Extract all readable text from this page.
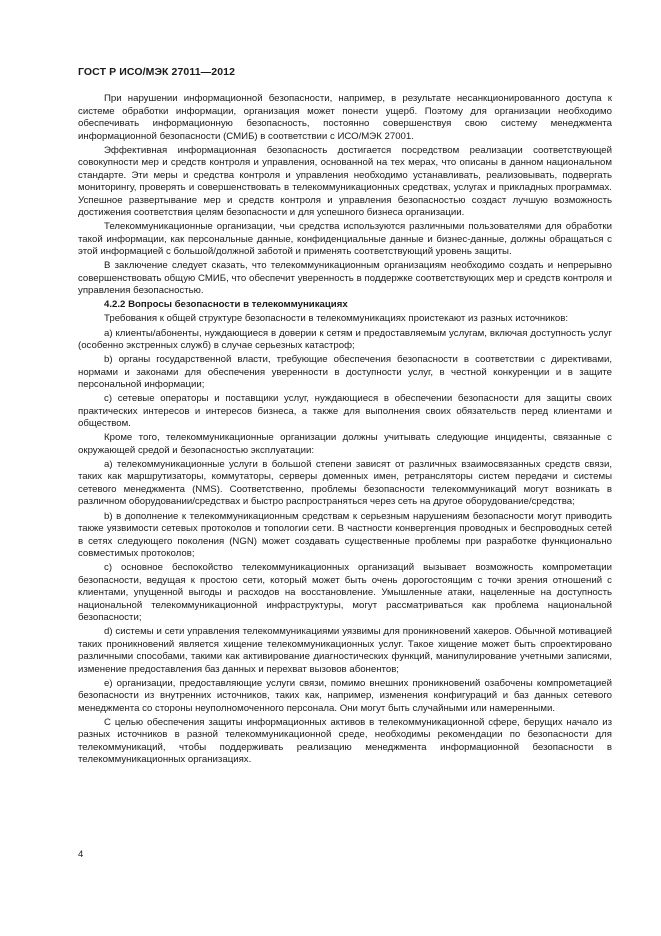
ГОСТ Р ИСО/МЭК 27011—2012

При нарушении информационной безопасности, например, в результате несанкционированного доступа к системе обработки информации, организация может понести ущерб. Поэтому для организации необходимо обеспечивать информационную безопасность, постоянно совершенствуя свою систему менеджмента информационной безопасности (СМИБ) в соответствии с ИСО/МЭК 27001.

Эффективная информационная безопасность достигается посредством реализации соответствующей совокупности мер и средств контроля и управления, основанной на тех мерах, что описаны в данном национальном стандарте. Эти меры и средства контроля и управления необходимо устанавливать, реализовывать, подвергать мониторингу, проверять и совершенствовать в телекоммуникационных средствах, услугах и прикладных программах. Успешное развертывание мер и средств контроля и управления безопасностью создаст лучшую возможность достижения соответствия целям безопасности и для успешного бизнеса организации.

Телекоммуникационные организации, чьи средства используются различными пользователями для обработки такой информации, как персональные данные, конфиденциальные данные и бизнес-данные, должны обращаться с этой информацией с большой/должной заботой и применять соответствующий уровень защиты.

В заключение следует сказать, что телекоммуникационным организациям необходимо создать и непрерывно совершенствовать общую СМИБ, что обеспечит уверенность в поддержке соответствующих мер и средств контроля и управления безопасностью.

4.2.2 Вопросы безопасности в телекоммуникациях

Требования к общей структуре безопасности в телекоммуникациях проистекают из разных источников:

a) клиенты/абоненты, нуждающиеся в доверии к сетям и предоставляемым услугам, включая доступность услуг (особенно экстренных служб) в случае серьезных катастроф;

b) органы государственной власти, требующие обеспечения безопасности в соответствии с директивами, нормами и законами для обеспечения уверенности в доступности услуг, в честной конкуренции и в защите персональной информации;

c) сетевые операторы и поставщики услуг, нуждающиеся в обеспечении безопасности для защиты своих практических интересов и интересов бизнеса, а также для выполнения своих обязательств перед клиентами и обществом.

Кроме того, телекоммуникационные организации должны учитывать следующие инциденты, связанные с окружающей средой и безопасностью эксплуатации:

a) телекоммуникационные услуги в большой степени зависят от различных взаимосвязанных средств связи, таких как маршрутизаторы, коммутаторы, серверы доменных имен, ретрансляторы систем передачи и системы сетевого менеджмента (NMS). Соответственно, проблемы безопасности телекоммуникаций могут возникать в различном оборудовании/средствах и быстро распространяться через сеть на другое оборудование/средства;

b) в дополнение к телекоммуникационным средствам к серьезным нарушениям безопасности могут приводить также уязвимости сетевых протоколов и топологии сети. В частности конвергенция проводных и беспроводных сетей в сетях следующего поколения (NGN) может создавать существенные проблемы при разработке функционально совместимых протоколов;

c) основное беспокойство телекоммуникационных организаций вызывает возможность компрометации безопасности, ведущая к простою сети, который может быть очень дорогостоящим с точки зрения отношений с клиентами, упущенной выгоды и расходов на восстановление. Умышленные атаки, нацеленные на доступность национальной телекоммуникационной инфраструктуры, могут рассматриваться как проблема национальной безопасности;

d) системы и сети управления телекоммуникациями уязвимы для проникновений хакеров. Обычной мотивацией таких проникновений является хищение телекоммуникационных услуг. Такое хищение может быть спроектировано различными способами, такими как активирование диагностических функций, манипулирование учетными записями, изменение предоставления баз данных и перехват вызовов абонентов;

e) организации, предоставляющие услуги связи, помимо внешних проникновений озабочены компрометацией безопасности из внутренних источников, таких как, например, изменения конфигураций и баз данных сетевого менеджмента со стороны неуполномоченного персонала. Они могут быть случайными или намеренными.

С целью обеспечения защиты информационных активов в телекоммуникационной сфере, берущих начало из разных источников в разной телекоммуникационной среде, необходимы рекомендации по безопасности для телекоммуникаций, чтобы поддерживать реализацию менеджмента информационной безопасности в телекоммуникационных организациях.

4
